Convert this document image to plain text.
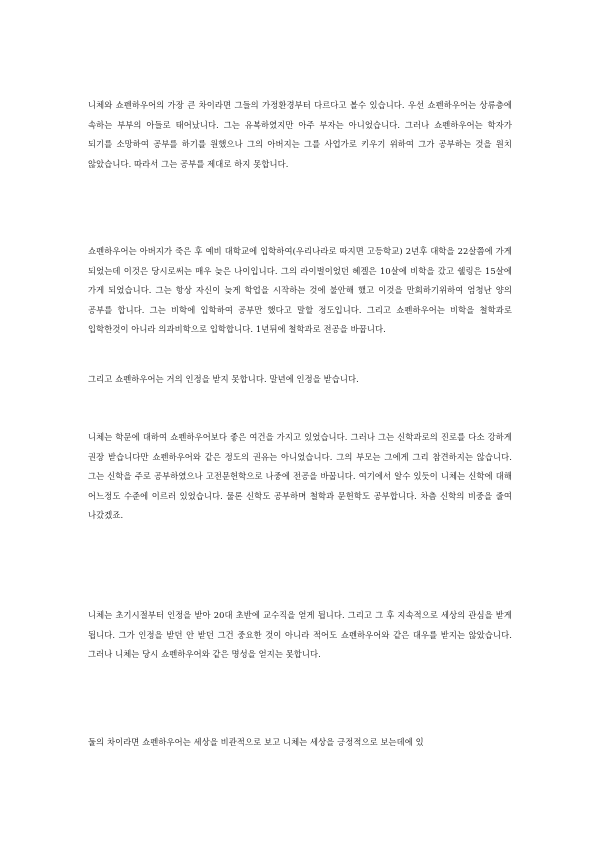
니체와 쇼펜하우어의 가장 큰 차이라면 그들의 가정환경부터 다르다고 볼수 있습니다. 우선 쇼펜하우어는 상류층에 속하는 부부의 아들로 태어났니다. 그는 유복하였지만 아주 부자는 아니었습니다. 그러나 쇼펜하우어는 학자가 되기를 소망하여 공부를 하기를 원했으나 그의 아버지는 그를 사업가로 키우기 위하여 그가 공부하는 것을 원치 않았습니다. 따라서 그는 공부를 제대로 하지 못합니다.

쇼펜하우어는 아버지가 죽은 후 예비 대학교에 입학하여(우리나라로 따지면 고등학교) 2년후 대학을 22살쯤에 가게 되었는데 이것은 당시로써는 매우 늦은 나이입니다. 그의 라이벌이었던 헤겔은 10살에 비학을 갔고 쉘링은 15살에 가게 되었습니다. 그는 항상 자신이 늦게 학업을 시작하는 것에 불안해 했고 이것을 만회하기위하여 엄청난 양의 공부를 합니다. 그는 비학에 입학하여 공부만 했다고 말할 정도입니다. 그리고 쇼펜하우어는 비학을 철학과로 입학한것이 아니라 의과비학으로 입학합니다. 1년뒤에 철학과로 전공을 바꿉니다.

그리고 쇼펜하우어는 거의 인정을 받지 못합니다. 말년에 인정을 받습니다.

니체는 학문에 대하여 쇼펜하우어보다 좋은 여건을 가지고 있었습니다. 그러나 그는 신학과로의 진로를 다소 강하게 권장 받습니다만 쇼펜하우어와 같은 정도의 권유는 아니었습니다. 그의 부모는 그에게 그리 참견하지는 않습니다. 그는 신학을 주로 공부하였으나 고전문헌학으로 나중에 전공을 바꿉니다. 여기에서 알수 있듯이 니체는 신학에 대해 어느정도 수준에 이르러 있었습니다. 물론 신학도 공부하며 철학과 문헌학도 공부합니다. 차츰 신학의 비중을 줄여 나갔겠죠.

니체는 초기시절부터 인정을 받아 20대 초반에 교수직을 얻게 됩니다. 그리고 그 후 지속적으로 세상의 관심을 받게 됩니다. 그가 인정을 받던 안 받던 그건 중요한 것이 아니라 적어도 쇼펜하우어와 같은 대우를 받지는 않았습니다. 그러나 니체는 당시 쇼펜하우어와 같은 명성을 얻지는 못합니다.

둘의 차이라면 쇼펜하우어는 세상을 비관적으로 보고 니체는 세상을 긍정적으로 보는데에 있
